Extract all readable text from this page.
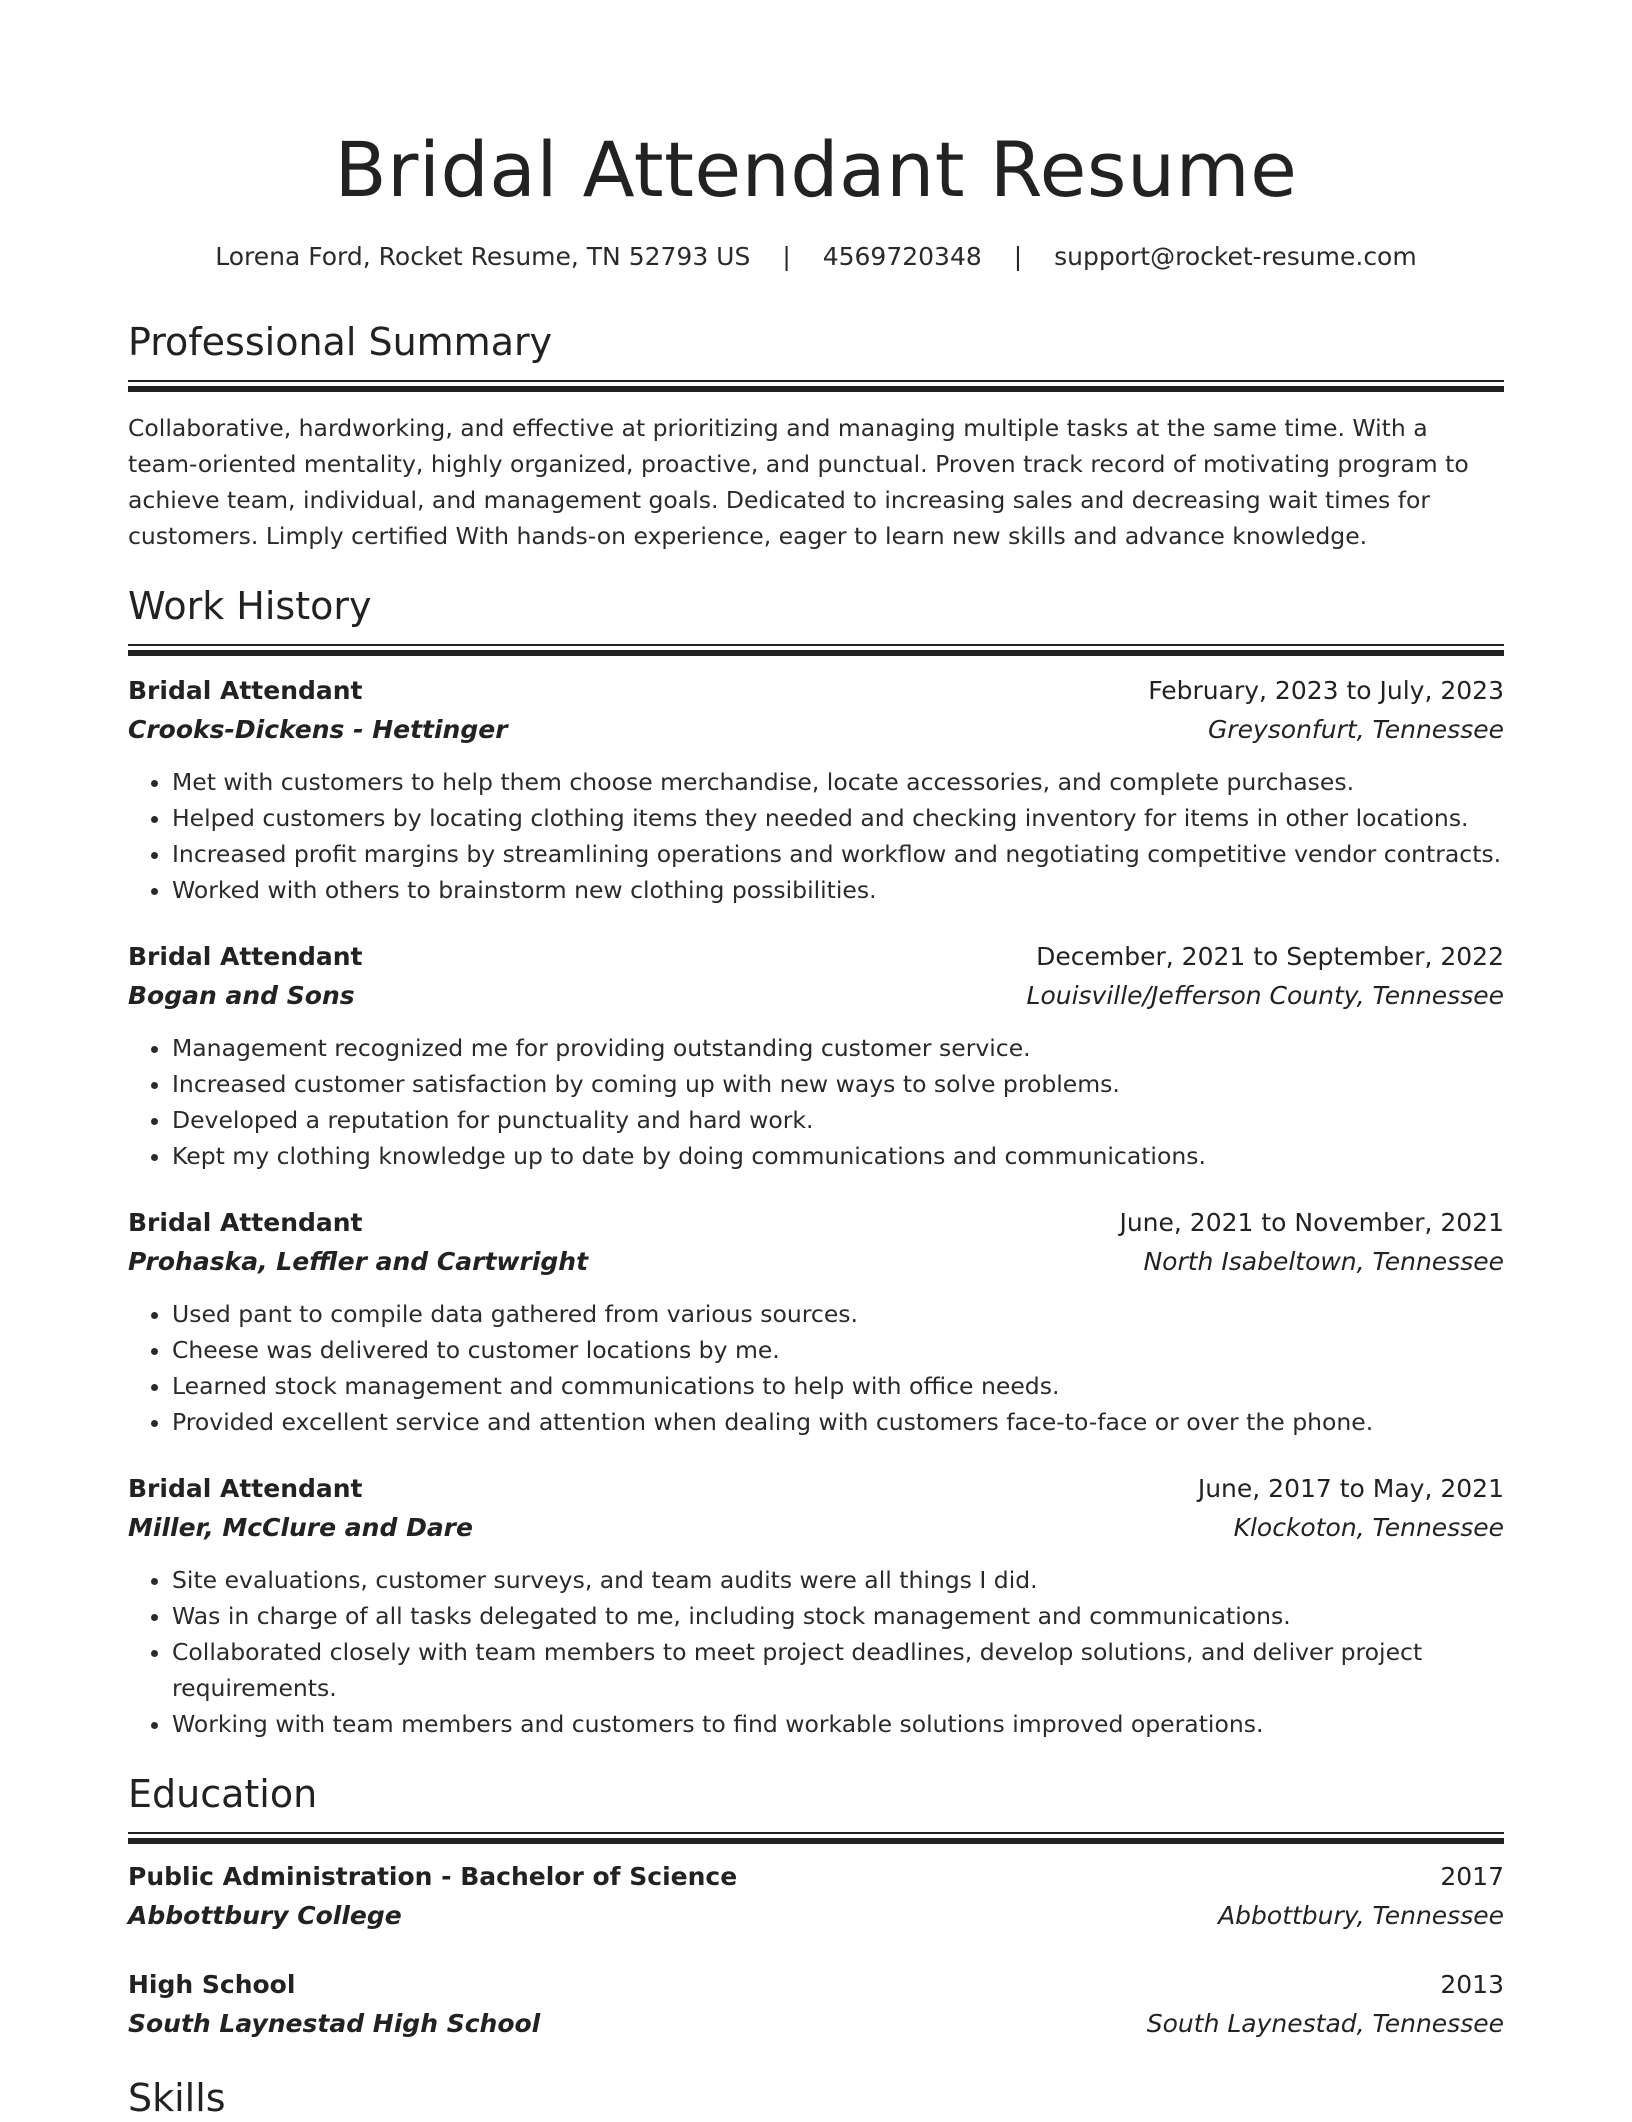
Bridal Attendant Resume
Lorena Ford, Rocket Resume, TN 52793 US | 4569720348 | support@rocket-resume.com
Professional Summary

Collaborative, hardworking, and effective at prioritizing and managing multiple tasks at the same time. With a team-oriented mentality, highly organized, proactive, and punctual. Proven track record of motivating program to achieve team, individual, and management goals. Dedicated to increasing sales and decreasing wait times for customers. Limply certified With hands-on experience, eager to learn new skills and advance knowledge.

Work History
Bridal Attendant	February, 2023 to July, 2023
Crooks-Dickens - Hettinger	Greysonfurt, Tennessee
• Met with customers to help them choose merchandise, locate accessories, and complete purchases.
• Helped customers by locating clothing items they needed and checking inventory for items in other locations.
• Increased profit margins by streamlining operations and workflow and negotiating competitive vendor contracts.
• Worked with others to brainstorm new clothing possibilities.
Bridal Attendant	December, 2021 to September, 2022
Bogan and Sons	Louisville/Jefferson County, Tennessee
• Management recognized me for providing outstanding customer service.
• Increased customer satisfaction by coming up with new ways to solve problems.
• Developed a reputation for punctuality and hard work.
• Kept my clothing knowledge up to date by doing communications and communications.
Bridal Attendant	June, 2021 to November, 2021
Prohaska, Leffler and Cartwright	North Isabeltown, Tennessee
• Used pant to compile data gathered from various sources.
• Cheese was delivered to customer locations by me.
• Learned stock management and communications to help with office needs.
• Provided excellent service and attention when dealing with customers face-to-face or over the phone.
Bridal Attendant	June, 2017 to May, 2021
Miller, McClure and Dare	Klockoton, Tennessee
• Site evaluations, customer surveys, and team audits were all things I did.
• Was in charge of all tasks delegated to me, including stock management and communications.
• Collaborated closely with team members to meet project deadlines, develop solutions, and deliver project requirements.
• Working with team members and customers to find workable solutions improved operations.
Education
Public Administration - Bachelor of Science	2017
Abbottbury College	Abbottbury, Tennessee
High School	2013
South Laynestad High School	South Laynestad, Tennessee
Skills
